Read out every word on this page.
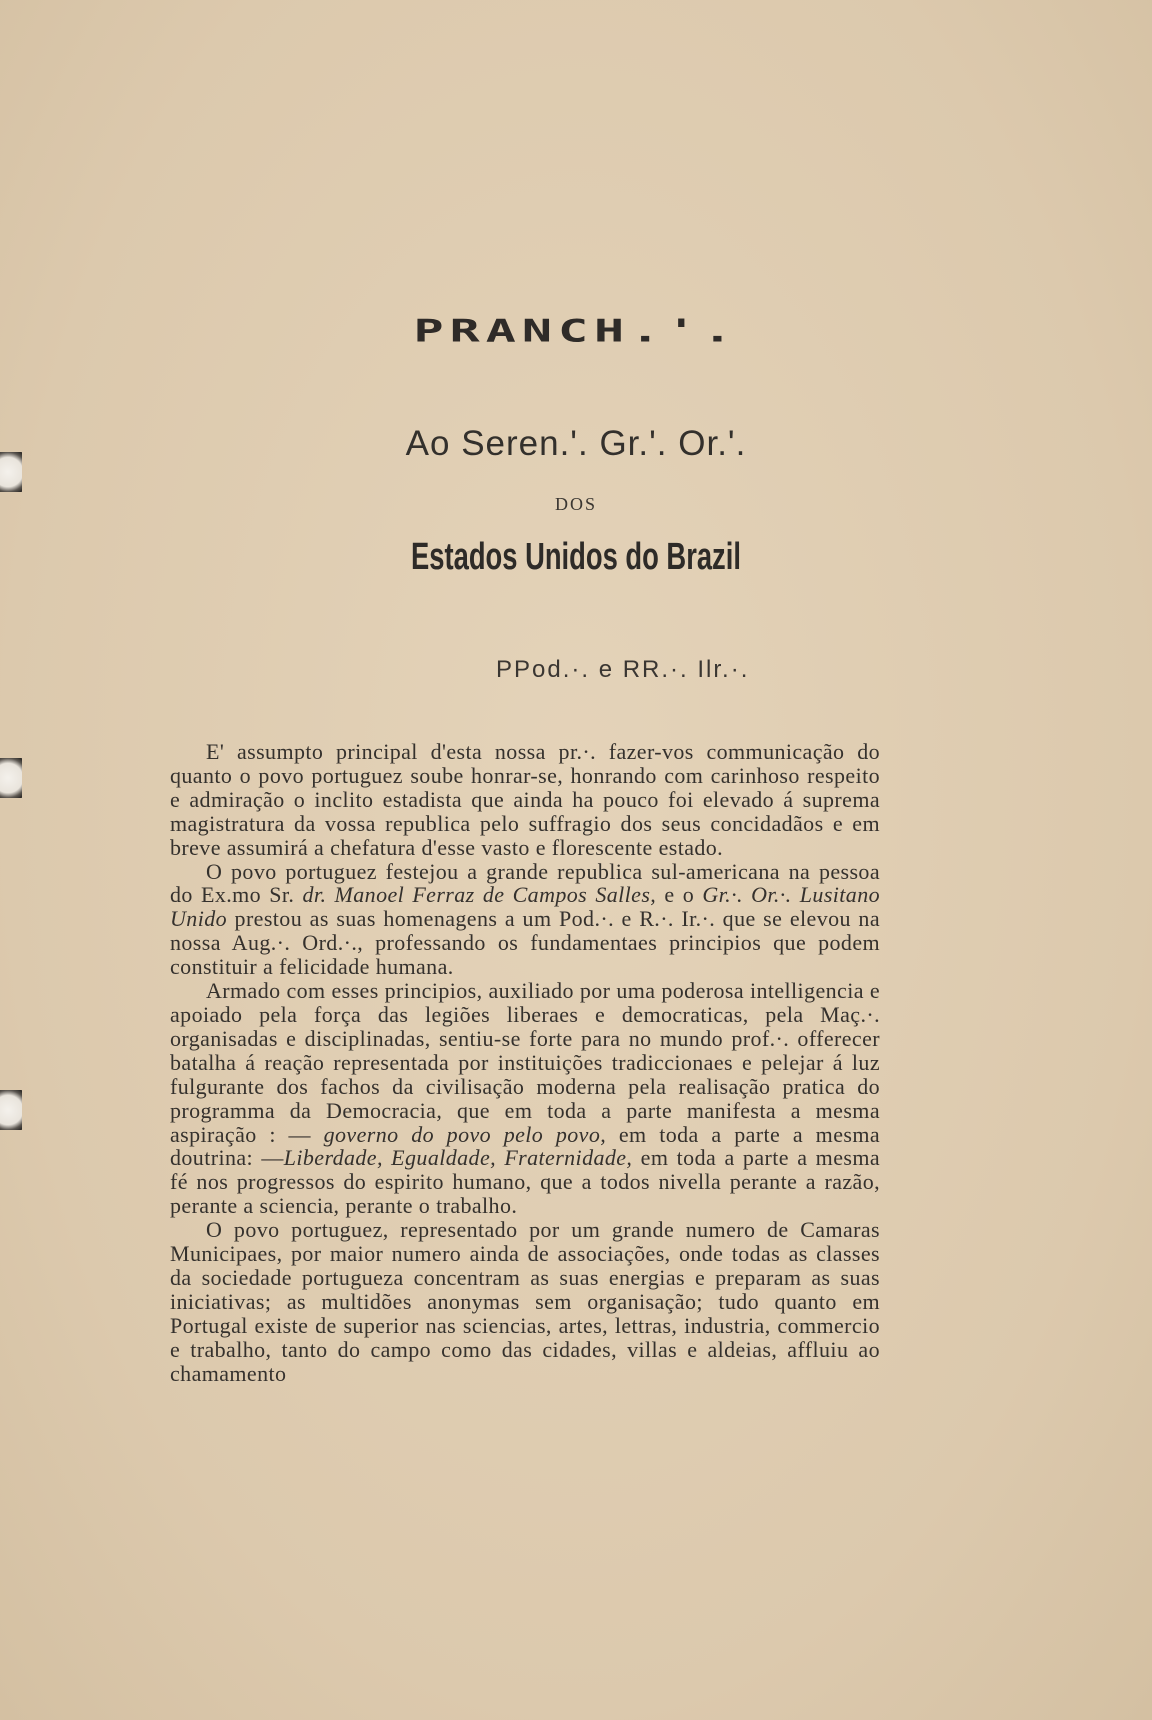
PRANCH.'.
Ao Seren.'. Gr.'. Or.'.
DOS
Estados Unidos do Brazil
PPod.·. e RR.·. Ilr.·.

E' assumpto principal d'esta nossa pr.·. fazer-vos communicação do quanto o povo portuguez soube honrar-se, honrando com carinhoso respeito e admiração o inclito estadista que ainda ha pouco foi elevado á suprema magistratura da vossa republica pelo suffragio dos seus concidadãos e em breve assumirá a chefatura d'esse vasto e florescente estado.

O povo portuguez festejou a grande republica sul-americana na pessoa do Ex.mo Sr. dr. Manoel Ferraz de Campos Salles, e o Gr.·. Or.·. Lusitano Unido prestou as suas homenagens a um Pod.·. e R.·. Ir.·. que se elevou na nossa Aug.·. Ord.·., professando os fundamentaes principios que podem constituir a felicidade humana.

Armado com esses principios, auxiliado por uma poderosa intelligencia e apoiado pela força das legiões liberaes e democraticas, pela Maç.·. organisadas e disciplinadas, sentiu-se forte para no mundo prof.·. offerecer batalha á reação representada por instituições tradiccionaes e pelejar á luz fulgurante dos fachos da civilisação moderna pela realisação pratica do programma da Democracia, que em toda a parte manifesta a mesma aspiração : — governo do povo pelo povo, em toda a parte a mesma doutrina: —Liberdade, Egualdade, Fraternidade, em toda a parte a mesma fé nos progressos do espirito humano, que a todos nivella perante a razão, perante a sciencia, perante o trabalho.

O povo portuguez, representado por um grande numero de Camaras Municipaes, por maior numero ainda de associações, onde todas as classes da sociedade portugueza concentram as suas energias e preparam as suas iniciativas; as multidões anonymas sem organisação; tudo quanto em Portugal existe de superior nas sciencias, artes, lettras, industria, commercio e trabalho, tanto do campo como das cidades, villas e aldeias, affluiu ao chamamento
